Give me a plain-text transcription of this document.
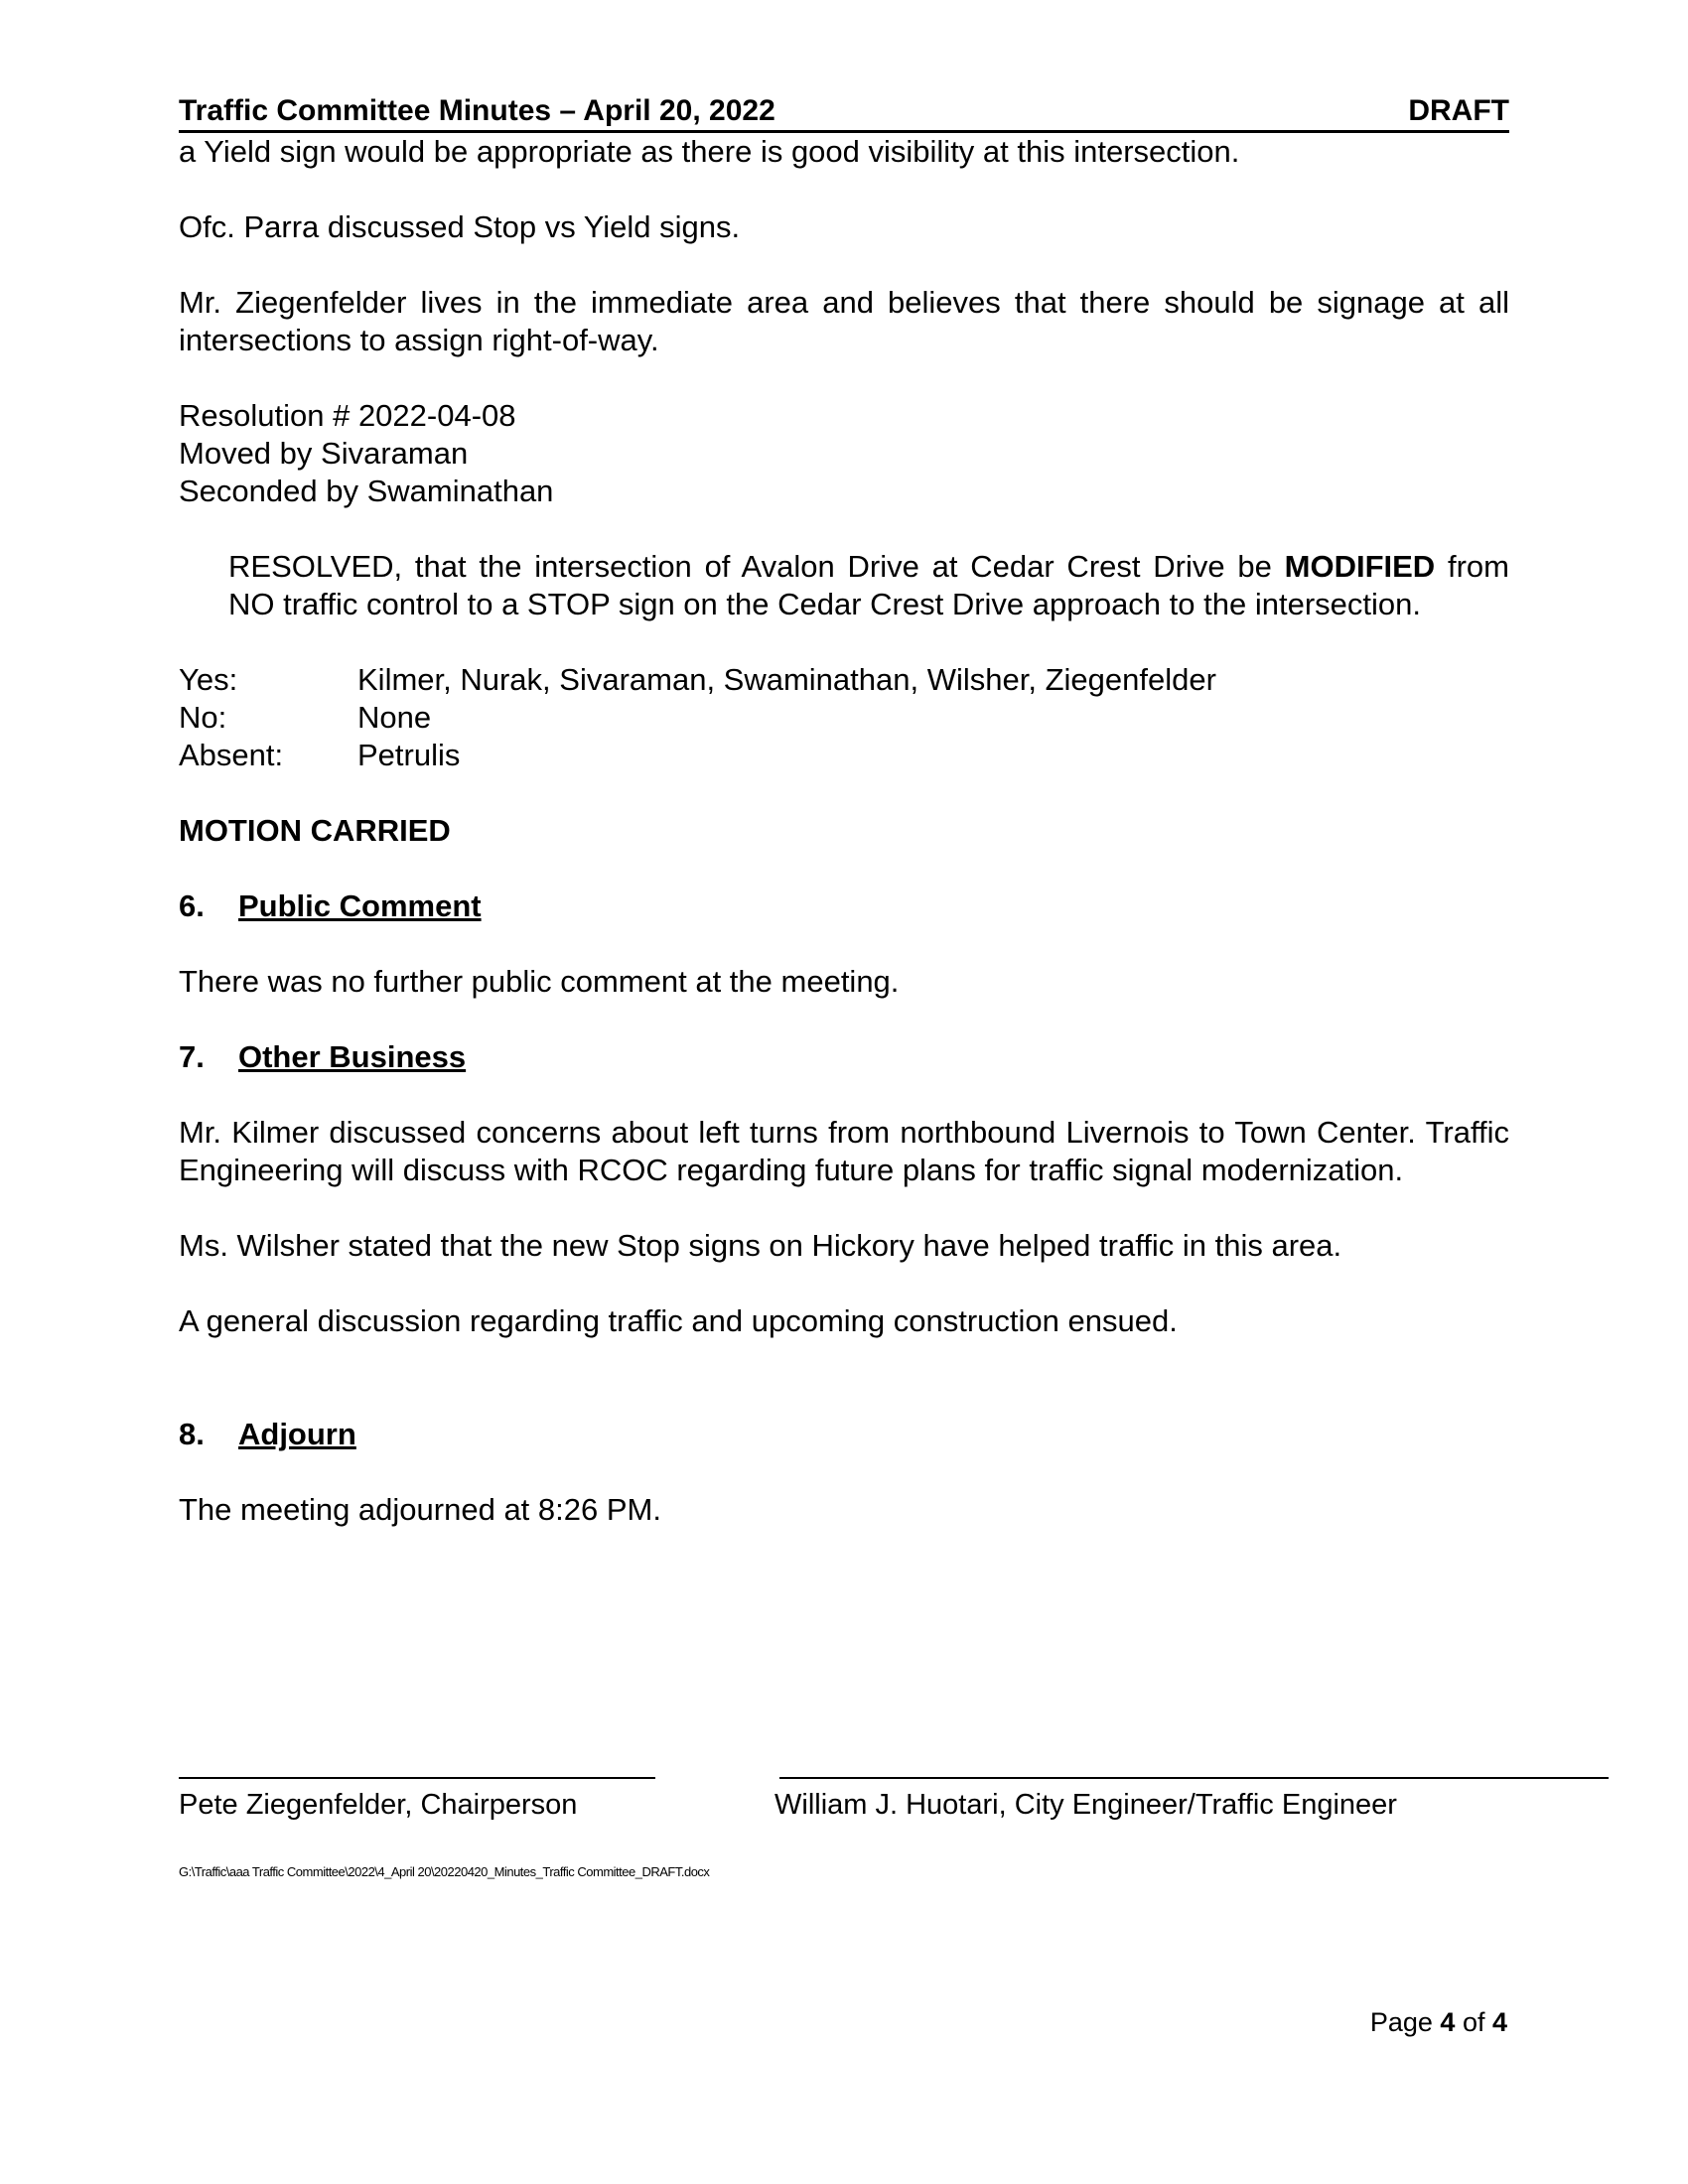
Traffic Committee Minutes – April 20, 2022	DRAFT

a Yield sign would be appropriate as there is good visibility at this intersection.

Ofc. Parra discussed Stop vs Yield signs.

Mr. Ziegenfelder lives in the immediate area and believes that there should be signage at all intersections to assign right-of-way.

Resolution # 2022-04-08

Moved by Sivaraman

Seconded by Swaminathan

RESOLVED, that the intersection of Avalon Drive at Cedar Crest Drive be MODIFIED from NO traffic control to a STOP sign on the Cedar Crest Drive approach to the intersection.

Yes:	Kilmer, Nurak, Sivaraman, Swaminathan, Wilsher, Ziegenfelder
No:	None
Absent:	Petrulis

MOTION CARRIED

6.	Public Comment

There was no further public comment at the meeting.

7.	Other Business

Mr. Kilmer discussed concerns about left turns from northbound Livernois to Town Center. Traffic Engineering will discuss with RCOC regarding future plans for traffic signal modernization.

Ms. Wilsher stated that the new Stop signs on Hickory have helped traffic in this area.

A general discussion regarding traffic and upcoming construction ensued.

8.	Adjourn

The meeting adjourned at 8:26 PM.

Pete Ziegenfelder, Chairperson	William J. Huotari, City Engineer/Traffic Engineer
G:\Traffic\aaa Traffic Committee\2022\4_April 20\20220420_Minutes_Traffic Committee_DRAFT.docx
Page 4 of 4
